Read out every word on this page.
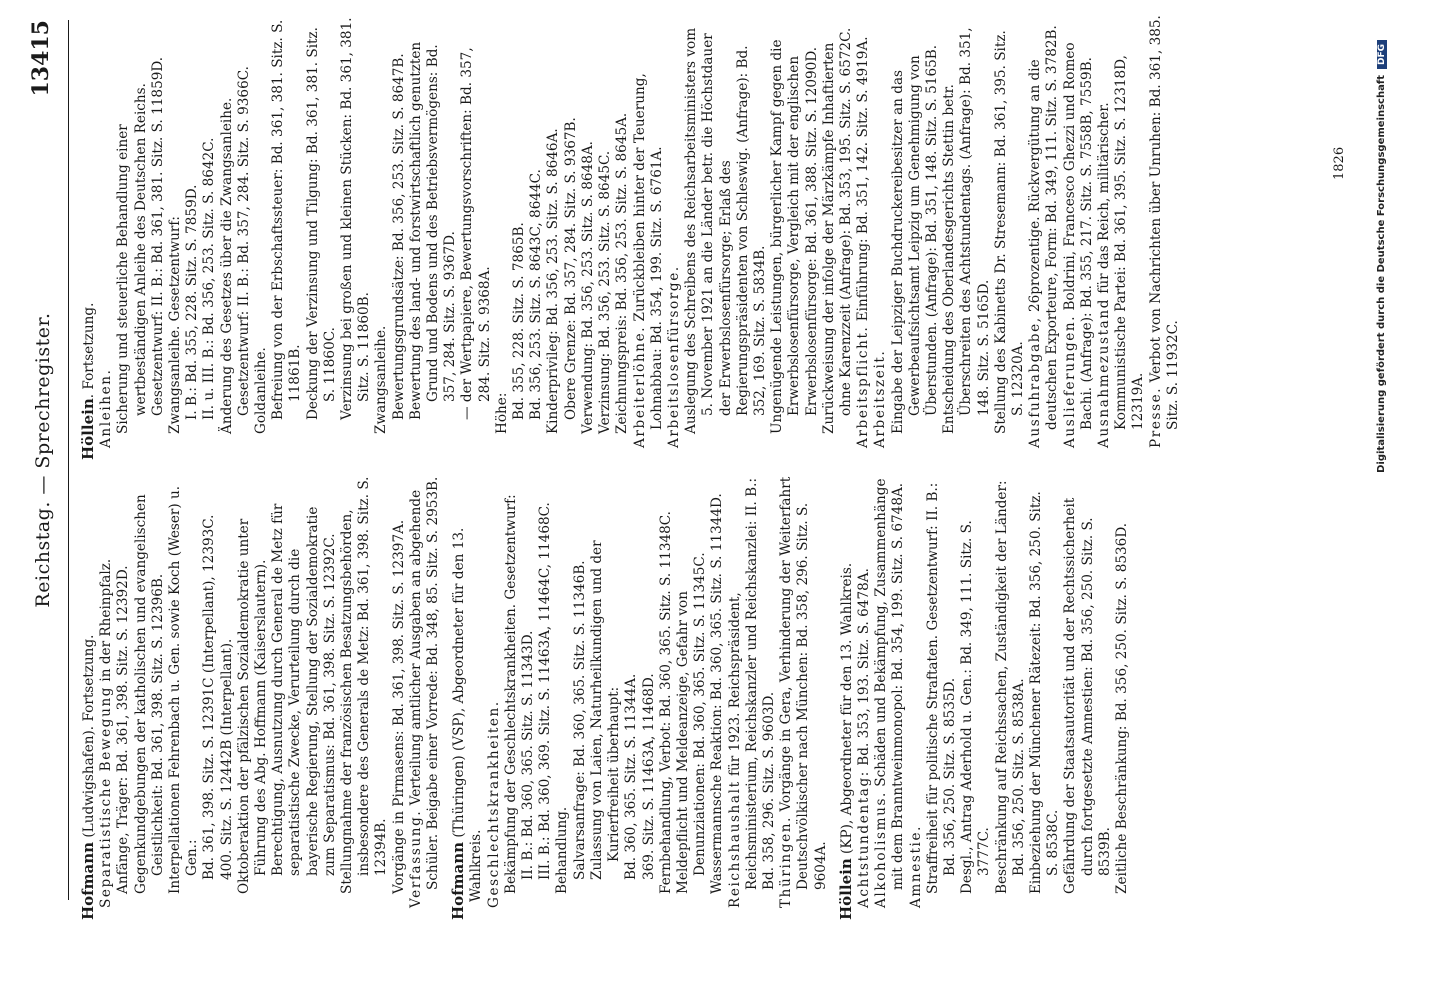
Reichstag. — Sprechregister.
13415

Hofmann (Ludwigshafen). Fortsetzung. Separatistische Bewegung in der Rheinpfalz. Anfänge, Träger: Bd. 361, 398. Sitz. S. 12392D. Gegenkundgebungen der katholischen und evangelischen Geistlichkeit: Bd. 361, 398. Sitz. S. 12396B. Interpellationen Fehrenbach u. Gen. sowie Koch (Weser) u. Gen.: Bd. 361, 398. Sitz. S. 12391C (Interpellant), 12393C. 400. Sitz. S. 12442B (Interpellant). Oktoberaktion der pfälzischen Sozialdemokratie unter Führung des Abg. Hoffmann (Kaiserslautern). Berechtigung, Ausnutzung durch General de Metz für separatistische Zwecke, Verurteilung durch die bayerische Regierung, Stellung der Sozialdemokratie zum Separatismus: Bd. 361, 398. Sitz. S. 12392C. Stellungnahme der französischen Besatzungsbehörden, insbesondere des Generals de Metz: Bd. 361, 398. Sitz. S. 12394B. Vorgänge in Pirmasens: Bd. 361, 398. Sitz. S. 12397A. Verfassung. Verteilung amtlicher Ausgaben an abgehende Schüler. Beigabe einer Vorrede: Bd. 348, 85. Sitz. S. 2953B. Hofmann (Thüringen) (VSP), Abgeordneter für den 13. Wahlkreis. Geschlechtskrankheiten. Bekämpfung der Geschlechtskrankheiten. Gesetzentwurf: II. B.: Bd. 360, 365. Sitz. S. 11343D. III. B.: Bd. 360, 369. Sitz. S. 11463A, 11464C, 11468C. Behandlung. Salvarsanfrage: Bd. 360, 365. Sitz. S. 11346B. Zulassung von Laien, Naturheilkundigen und der Kurierfreiheit überhaupt: Bd. 360, 365. Sitz. S. 11344A. 369. Sitz. S. 11463A, 11468D. Fernbehandlung, Verbot: Bd. 360, 365. Sitz. S. 11348C. Meldepflicht und Meldeanzeige, Gefahr von Denunziationen: Bd. 360, 365. Sitz. S. 11345C. Wassermannsche Reaktion: Bd. 360, 365. Sitz. S. 11344D. Reichshaushalt für 1923. Reichspräsident, Reichsministerium, Reichskanzler und Reichskanzlei: II. B.: Bd. 358, 296. Sitz. S. 9603D. Thüringen. Vorgänge in Gera, Verhinderung der Weiterfahrt Deutschvölkischer nach München: Bd. 358, 296. Sitz. S. 9604A. Höllein (KP), Abgeordneter für den 13. Wahlkreis. Achtstundentag: Bd. 353, 193. Sitz. S. 6478A.

Alkoholismus. Schäden und Bekämpfung, Zusammenhänge mit dem Branntweinmonopol: Bd. 354, 199. Sitz. S. 6748A. Amnestie. Straffreiheit für politische Straftaten. Gesetzentwurf: II. B.: Bd. 356, 250. Sitz. S. 8535D. Desgl., Antrag Aderhold u. Gen.: Bd. 349, 111. Sitz. S. 3777C. Beschränkung auf Reichssachen, Zuständigkeit der Länder: Bd. 356, 250. Sitz. S. 8538A. Einbeziehung der Münchener Rätezeit: Bd. 356, 250. Sitz. S. 8538C. Gefährdung der Staatsautorität und der Rechtssicherheit durch fortgesetzte Amnestien: Bd. 356, 250. Sitz. S. 8539B. Zeitliche Beschränkung: Bd. 356, 250. Sitz. S. 8536D.

Höllein. Fortsetzung.

Anleihen. Sicherung und steuerliche Behandlung einer wertbeständigen Anleihe des Deutschen Reichs. Gesetzentwurf: II. B.: Bd. 361, 381. Sitz. S. 11859D. Zwangsanleihe. Gesetzentwurf: I. B.: Bd. 355, 228. Sitz. S. 7859D. II. u. III. B.: Bd. 356, 253. Sitz. S. 8642C. Änderung des Gesetzes über die Zwangsanleihe. Gesetzentwurf: II. B.: Bd. 357, 284. Sitz. S. 9366C. Goldanleihe. Befreiung von der Erbschaftssteuer: Bd. 361, 381. Sitz. S. 11861B. Deckung der Verzinsung und Tilgung: Bd. 361, 381. Sitz. S. 11860C. Verzinsung bei großen und kleinen Stücken: Bd. 361, 381. Sitz. S. 11860B. Zwangsanleihe. Bewertungsgrundsätze: Bd. 356, 253. Sitz. S. 8647B. Bewertung des land- und forstwirtschaftlich genutzten Grund und Bodens und des Betriebsvermögens: Bd. 357, 284. Sitz. S. 9367D. — der Wertpapiere, Bewertungsvorschriften: Bd. 357, 284. Sitz. S. 9368A.

Höhe: Bd. 355, 228. Sitz. S. 7865B. Bd. 356, 253. Sitz. S. 8643C, 8644C. Kinderprivileg: Bd. 356, 253. Sitz. S. 8646A. Obere Grenze: Bd. 357, 284. Sitz. S. 9367B. Verwendung: Bd. 356, 253. Sitz. S. 8648A. Verzinsung: Bd. 356, 253. Sitz. S. 8645C. Zeichnungspreis: Bd. 356, 253. Sitz. S. 8645A. Arbeiterlöhne. Zurückbleiben hinter der Teuerung, Lohnabbau: Bd. 354, 199. Sitz. S. 6761A. Arbeitslosenfürsorge. Auslegung des Schreibens des Reichsarbeitsministers vom 5. November 1921 an die Länder betr. die Höchstdauer der Erwerbslosenfürsorge; Erlaß des Regierungspräsidenten von Schleswig. (Anfrage): Bd. 352, 169. Sitz. S. 5834B. Ungenügende Leistungen, bürgerlicher Kampf gegen die Erwerbslosenfürsorge, Vergleich mit der englischen Erwerbslosenfürsorge: Bd. 361, 388. Sitz. S. 12090D. Zurückweisung der infolge der Märzkämpfe Inhaftierten ohne Karenzzeit (Anfrage): Bd. 353, 195. Sitz. S. 6572C. Arbeitspflicht. Einführung: Bd. 351, 142. Sitz. S. 4919A.

Arbeitszeit. Eingabe der Leipziger Buchdruckereibesitzer an das Gewerbeaufsichtsamt Leipzig um Genehmigung von Überstunden. (Anfrage): Bd. 351, 148. Sitz. S. 5165B. Entscheidung des Oberlandesgerichts Stettin betr. Überschreiten des Achtstundentags. (Anfrage): Bd. 351, 148. Sitz. S. 5165D. Stellung des Kabinetts Dr. Stresemann: Bd. 361, 395. Sitz. S. 12320A. Ausfuhrabgabe, 26prozentige. Rückvergütung an die deutschen Exporteure, Form: Bd. 349, 111. Sitz. S. 3782B. Auslieferungen. Boldrini, Francesco Ghezzi und Romeo Bachi. (Anfrage): Bd. 355, 217. Sitz. S. 7558B, 7559B. Ausnahmezustand für das Reich, militärischer. Kommunistische Partei: Bd. 361, 395. Sitz. S. 12318D, 12319A. Presse. Verbot von Nachrichten über Unruhen: Bd. 361, 385. Sitz. S. 11932C.

1826	Digitalisierung gefördert durch die Deutsche ForschungsgemeinschaftDFG
